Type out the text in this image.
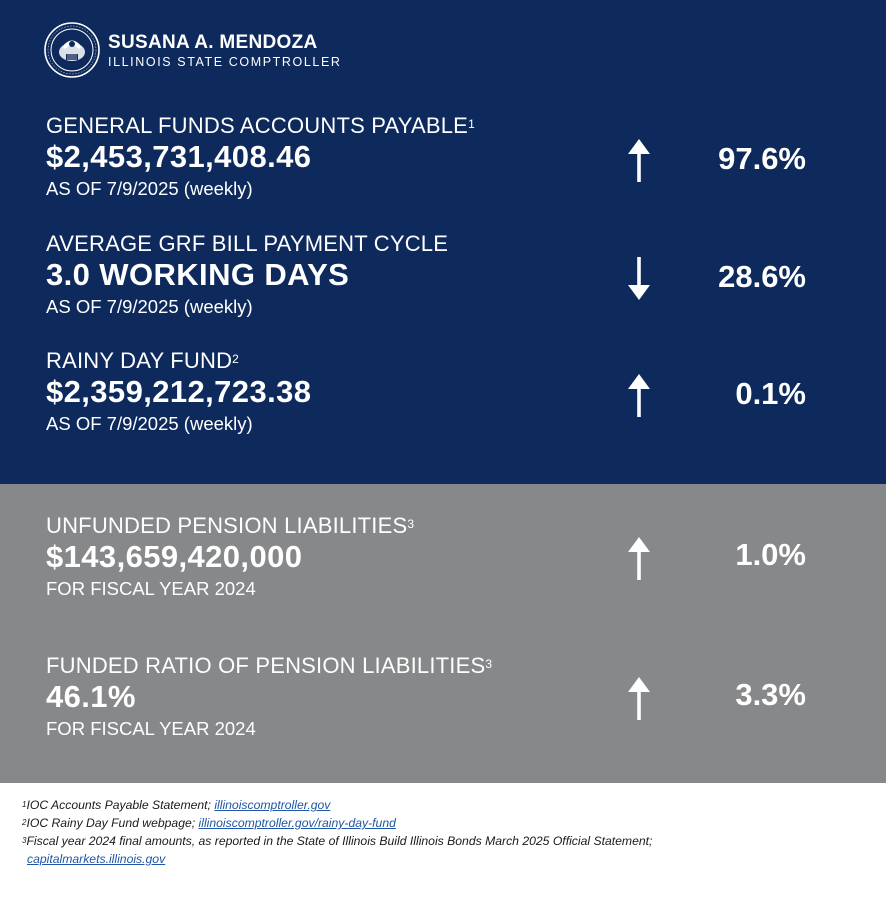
SUSANA A. MENDOZA
ILLINOIS STATE COMPTROLLER
GENERAL FUNDS ACCOUNTS PAYABLE$^1$
$2,453,731,408.46
AS OF 7/9/2025 (weekly)
97.6%
AVERAGE GRF BILL PAYMENT CYCLE
3.0 WORKING DAYS
AS OF 7/9/2025 (weekly)
28.6%
RAINY DAY FUND$^2$
$2,359,212,723.38
AS OF 7/9/2025 (weekly)
0.1%
UNFUNDED PENSION LIABILITIES$^3$
$143,659,420,000
FOR FISCAL YEAR 2024
1.0%
FUNDED RATIO OF PENSION LIABILITIES$^3$
46.1%
FOR FISCAL YEAR 2024
3.3%
$^1$IOC Accounts Payable Statement; illinoiscomptroller.gov
$^2$IOC Rainy Day Fund webpage; illinoiscomptroller.gov/rainy-day-fund
$^3$Fiscal year 2024 final amounts, as reported in the State of Illinois Build Illinois Bonds March 2025 Official Statement;
capitalmarkets.illinois.gov
